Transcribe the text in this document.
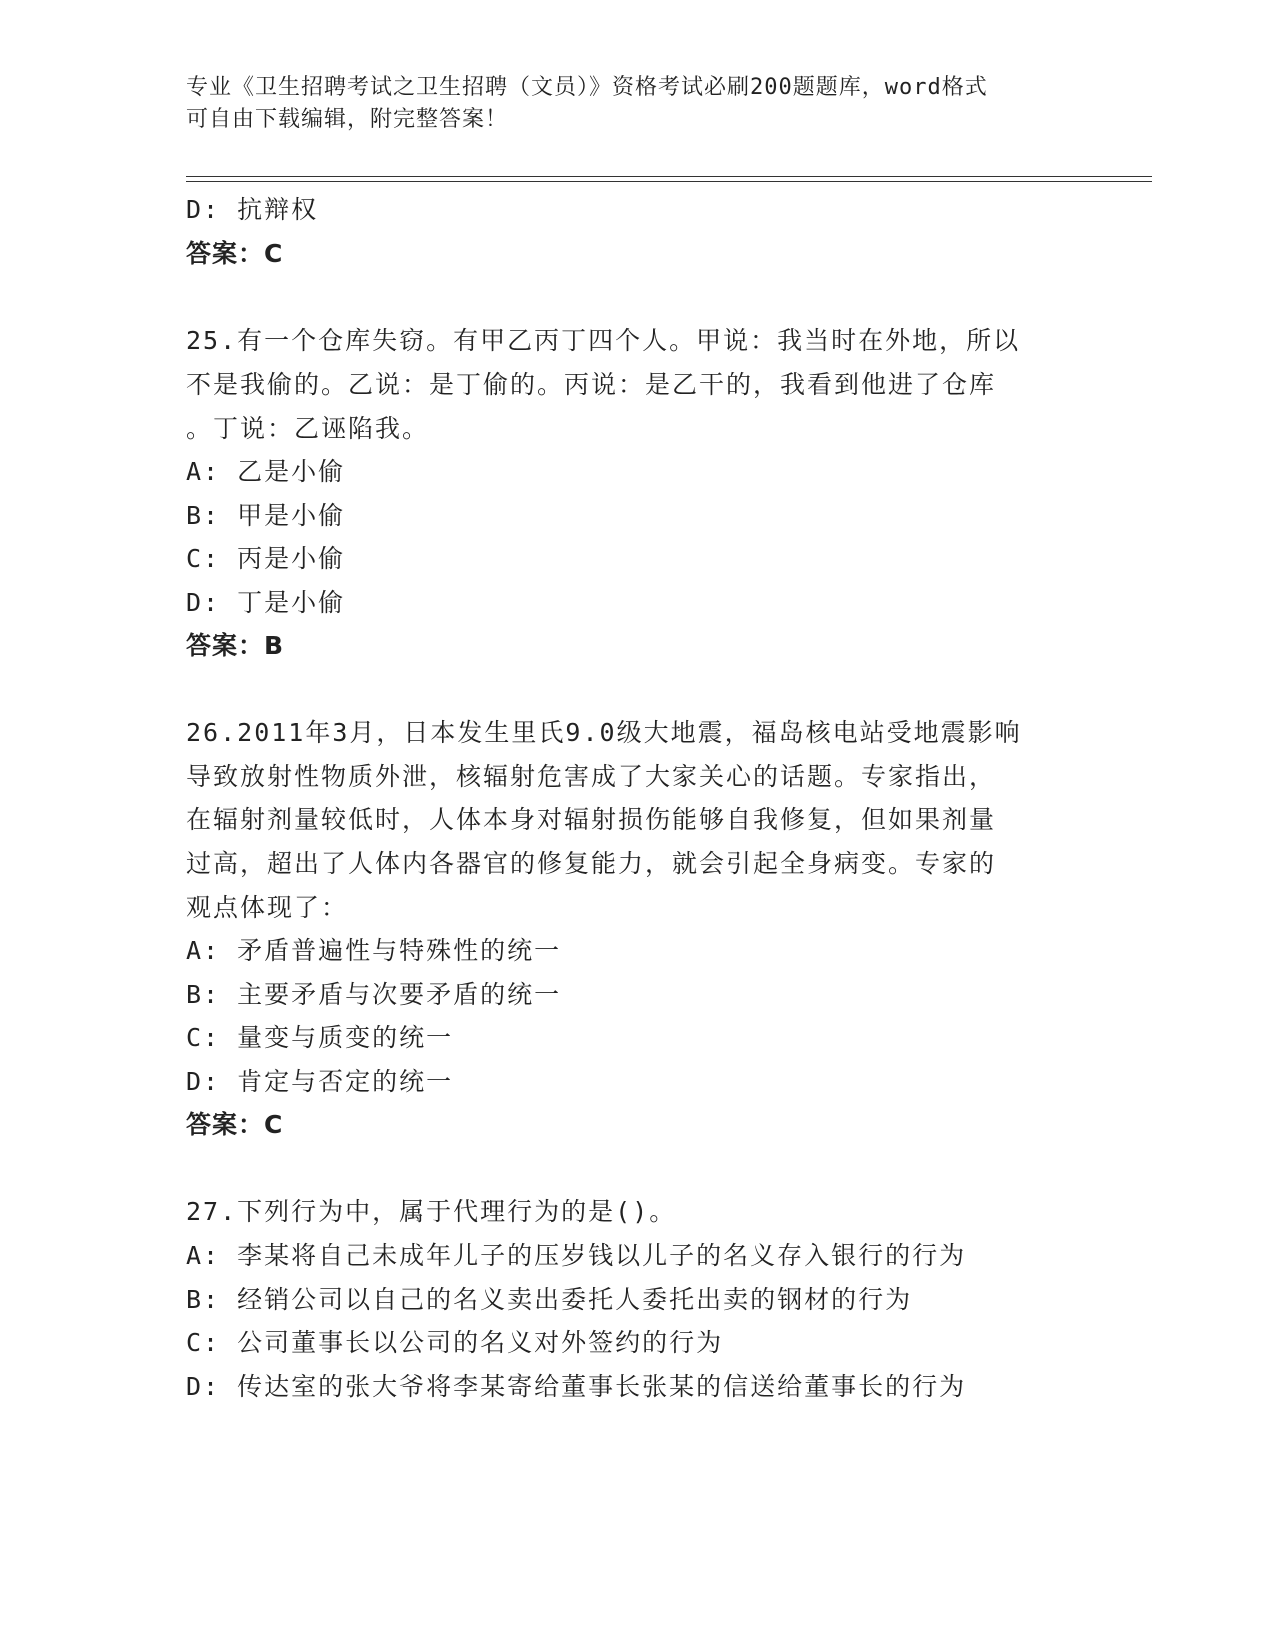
专业《卫生招聘考试之卫生招聘（文员）》资格考试必刷200题题库，word格式
可自由下载编辑，附完整答案！
D: 抗辩权
答案：C
25.有一个仓库失窃。有甲乙丙丁四个人。甲说：我当时在外地，所以
不是我偷的。乙说：是丁偷的。丙说：是乙干的，我看到他进了仓库
。丁说：乙诬陷我。
A: 乙是小偷
B: 甲是小偷
C: 丙是小偷
D: 丁是小偷
答案：B
26.2011年3月，日本发生里氏9.0级大地震，福岛核电站受地震影响
导致放射性物质外泄，核辐射危害成了大家关心的话题。专家指出，
在辐射剂量较低时，人体本身对辐射损伤能够自我修复，但如果剂量
过高，超出了人体内各器官的修复能力，就会引起全身病变。专家的
观点体现了：
A: 矛盾普遍性与特殊性的统一
B: 主要矛盾与次要矛盾的统一
C: 量变与质变的统一
D: 肯定与否定的统一
答案：C
27.下列行为中，属于代理行为的是()。
A: 李某将自己未成年儿子的压岁钱以儿子的名义存入银行的行为
B: 经销公司以自己的名义卖出委托人委托出卖的钢材的行为
C: 公司董事长以公司的名义对外签约的行为
D: 传达室的张大爷将李某寄给董事长张某的信送给董事长的行为
